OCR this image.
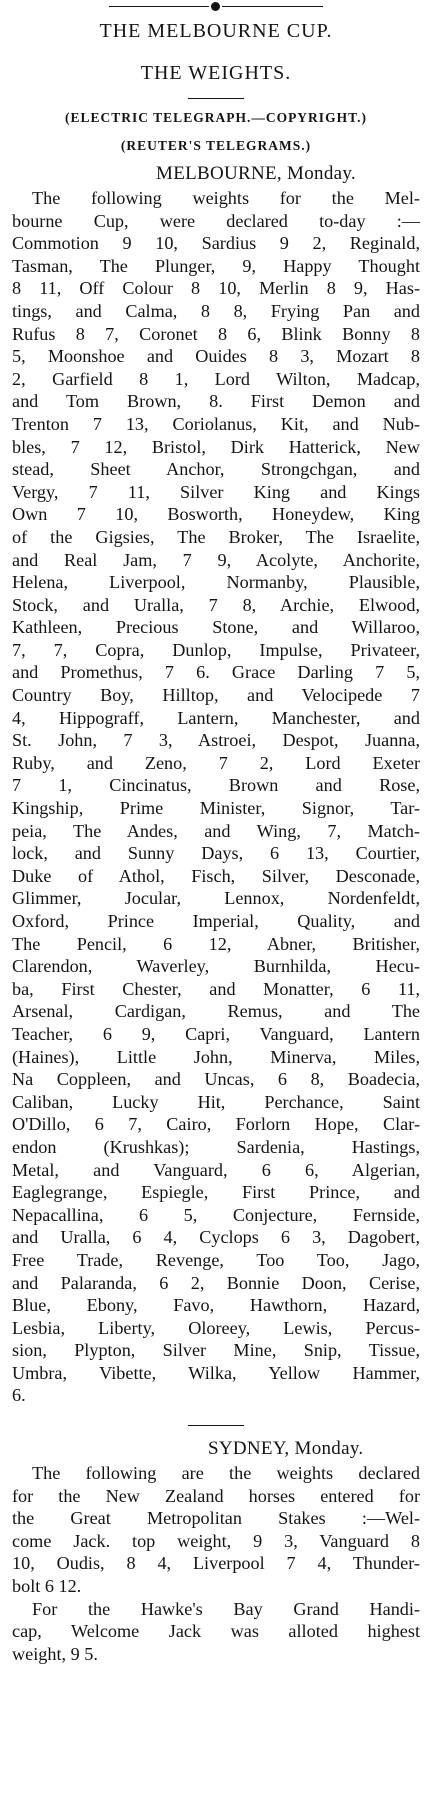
THE MELBOURNE CUP.
THE WEIGHTS.
(ELECTRIC TELEGRAPH.—COPYRIGHT.)
(REUTER'S TELEGRAMS.)
MELBOURNE, Monday.
The following weights for the Mel-
bourne Cup, were declared to-day :—
Commotion 9 10, Sardius 9 2, Reginald,
Tasman, The Plunger, 9, Happy Thought
8 11, Off Colour 8 10, Merlin 8 9, Has-
tings, and Calma, 8 8, Frying Pan and
Rufus 8 7, Coronet 8 6, Blink Bonny 8
5, Moonshoe and Ouides 8 3, Mozart 8
2, Garfield 8 1, Lord Wilton, Madcap,
and Tom Brown, 8. First Demon and
Trenton 7 13, Coriolanus, Kit, and Nub-
bles, 7 12, Bristol, Dirk Hatterick, New
stead, Sheet Anchor, Strongchgan, and
Vergy, 7 11, Silver King and Kings
Own 7 10, Bosworth, Honeydew, King
of the Gigsies, The Broker, The Israelite,
and Real Jam, 7 9, Acolyte, Anchorite,
Helena, Liverpool, Normanby, Plausible,
Stock, and Uralla, 7 8, Archie, Elwood,
Kathleen, Precious Stone, and Willaroo,
7, 7, Copra, Dunlop, Impulse, Privateer,
and Promethus, 7 6. Grace Darling 7 5,
Country Boy, Hilltop, and Velocipede 7
4, Hippograff, Lantern, Manchester, and
St. John, 7 3, Astroei, Despot, Juanna,
Ruby, and Zeno, 7 2, Lord Exeter
7 1, Cincinatus, Brown and Rose,
Kingship, Prime Minister, Signor, Tar-
peia, The Andes, and Wing, 7, Match-
lock, and Sunny Days, 6 13, Courtier,
Duke of Athol, Fisch, Silver, Desconade,
Glimmer, Jocular, Lennox, Nordenfeldt,
Oxford, Prince Imperial, Quality, and
The Pencil, 6 12, Abner, Britisher,
Clarendon, Waverley, Burnhilda, Hecu-
ba, First Chester, and Monatter, 6 11,
Arsenal, Cardigan, Remus, and The
Teacher, 6 9, Capri, Vanguard, Lantern
(Haines), Little John, Minerva, Miles,
Na Coppleen, and Uncas, 6 8, Boadecia,
Caliban, Lucky Hit, Perchance, Saint
O'Dillo, 6 7, Cairo, Forlorn Hope, Clar-
endon (Krushkas); Sardenia, Hastings,
Metal, and Vanguard, 6 6, Algerian,
Eaglegrange, Espiegle, First Prince, and
Nepacallina, 6 5, Conjecture, Fernside,
and Uralla, 6 4, Cyclops 6 3, Dagobert,
Free Trade, Revenge, Too Too, Jago,
and Palaranda, 6 2, Bonnie Doon, Cerise,
Blue, Ebony, Favo, Hawthorn, Hazard,
Lesbia, Liberty, Oloreey, Lewis, Percus-
sion, Plypton, Silver Mine, Snip, Tissue,
Umbra, Vibette, Wilka, Yellow Hammer,
6.
SYDNEY, Monday.
The following are the weights declared
for the New Zealand horses entered for
the Great Metropolitan Stakes :—Wel-
come Jack. top weight, 9 3, Vanguard 8
10, Oudis, 8 4, Liverpool 7 4, Thunder-
bolt 6 12.
For the Hawke's Bay Grand Handi-
cap, Welcome Jack was alloted highest
weight, 9 5.
